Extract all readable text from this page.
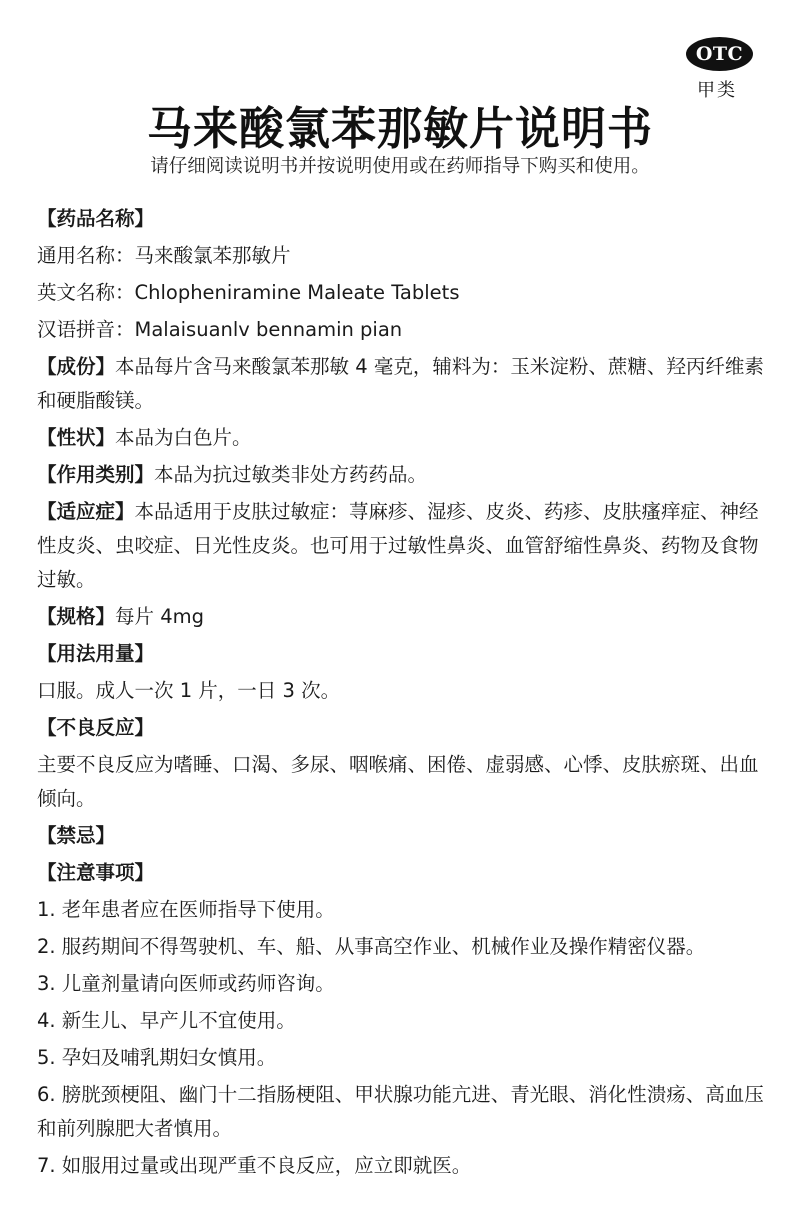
OTC
甲类
马来酸氯苯那敏片说明书

请仔细阅读说明书并按说明使用或在药师指导下购买和使用。

【药品名称】
通用名称：马来酸氯苯那敏片
英文名称：Chlopheniramine Maleate Tablets
汉语拼音：Malaisuanlv bennamin pian
【成份】本品每片含马来酸氯苯那敏 4 毫克，辅料为：玉米淀粉、蔗糖、羟丙纤维素和硬脂酸镁。
【性状】本品为白色片。
【作用类别】本品为抗过敏类非处方药药品。
【适应症】本品适用于皮肤过敏症：荨麻疹、湿疹、皮炎、药疹、皮肤瘙痒症、神经性皮炎、虫咬症、日光性皮炎。也可用于过敏性鼻炎、血管舒缩性鼻炎、药物及食物过敏。
【规格】每片 4mg
【用法用量】
口服。成人一次 1 片，一日 3 次。
【不良反应】
主要不良反应为嗜睡、口渴、多尿、咽喉痛、困倦、虚弱感、心悸、皮肤瘀斑、出血倾向。
【禁忌】
【注意事项】
1. 老年患者应在医师指导下使用。
2. 服药期间不得驾驶机、车、船、从事高空作业、机械作业及操作精密仪器。
3. 儿童剂量请向医师或药师咨询。
4. 新生儿、早产儿不宜使用。
5. 孕妇及哺乳期妇女慎用。
6. 膀胱颈梗阻、幽门十二指肠梗阻、甲状腺功能亢进、青光眼、消化性溃疡、高血压和前列腺肥大者慎用。
7. 如服用过量或出现严重不良反应，应立即就医。
